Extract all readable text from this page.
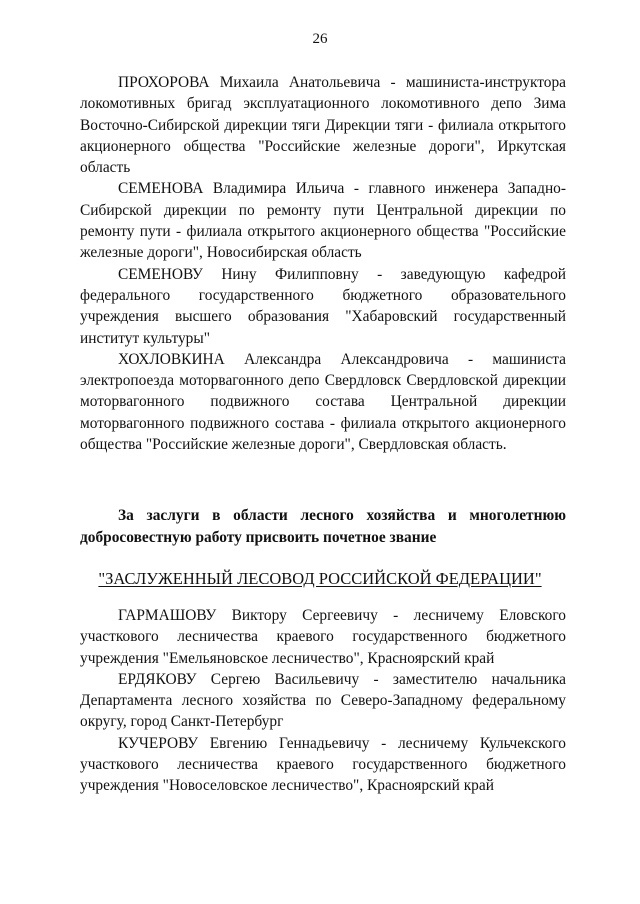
26

ПРОХОРОВА Михаила Анатольевича - машиниста-инструктора локомотивных бригад эксплуатационного локомотивного депо Зима Восточно-Сибирской дирекции тяги Дирекции тяги - филиала открытого акционерного общества "Российские железные дороги", Иркутская область

СЕМЕНОВА Владимира Ильича - главного инженера Западно-Сибирской дирекции по ремонту пути Центральной дирекции по ремонту пути - филиала открытого акционерного общества "Российские железные дороги", Новосибирская область

СЕМЕНОВУ Нину Филипповну - заведующую кафедрой федерального государственного бюджетного образовательного учреждения высшего образования "Хабаровский государственный институт культуры"

ХОХЛОВКИНА Александра Александровича - машиниста электропоезда моторвагонного депо Свердловск Свердловской дирекции моторвагонного подвижного состава Центральной дирекции моторвагонного подвижного состава - филиала открытого акционерного общества "Российские железные дороги", Свердловская область.

За заслуги в области лесного хозяйства и многолетнюю добросовестную работу присвоить почетное звание

"ЗАСЛУЖЕННЫЙ ЛЕСОВОД РОССИЙСКОЙ ФЕДЕРАЦИИ"

ГАРМАШОВУ Виктору Сергеевичу - лесничему Еловского участкового лесничества краевого государственного бюджетного учреждения "Емельяновское лесничество", Красноярский край

ЕРДЯКОВУ Сергею Васильевичу - заместителю начальника Департамента лесного хозяйства по Северо-Западному федеральному округу, город Санкт-Петербург

КУЧЕРОВУ Евгению Геннадьевичу - лесничему Кульчекского участкового лесничества краевого государственного бюджетного учреждения "Новоселовское лесничество", Красноярский край
